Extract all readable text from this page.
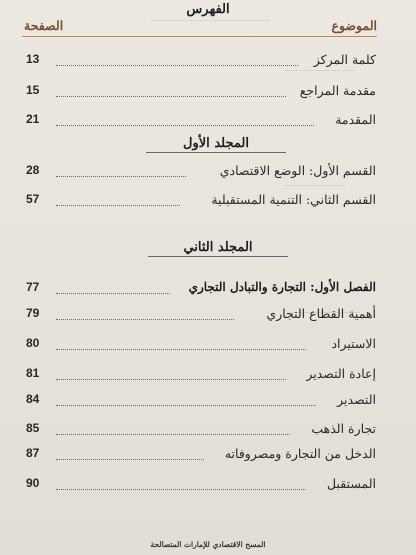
الفهرس
الموضوع
الصفحة
كلمة المركز
13
مقدمة المراجع
15
المقدمة
21
المجلد الأول
القسم الأول: الوضع الاقتصادي
28
القسم الثاني: التنمية المستقبلية
57
المجلد الثاني
الفصل الأول: التجارة والتبادل التجاري
77
أهمية القطاع التجاري
79
الاستيراد
80
إعادة التصدير
81
التصدير
84
تجارة الذهب
85
الدخل من التجارة ومصروفاته
87
المستقبل
90
المسح الاقتصادي للإمارات المتصالحة
